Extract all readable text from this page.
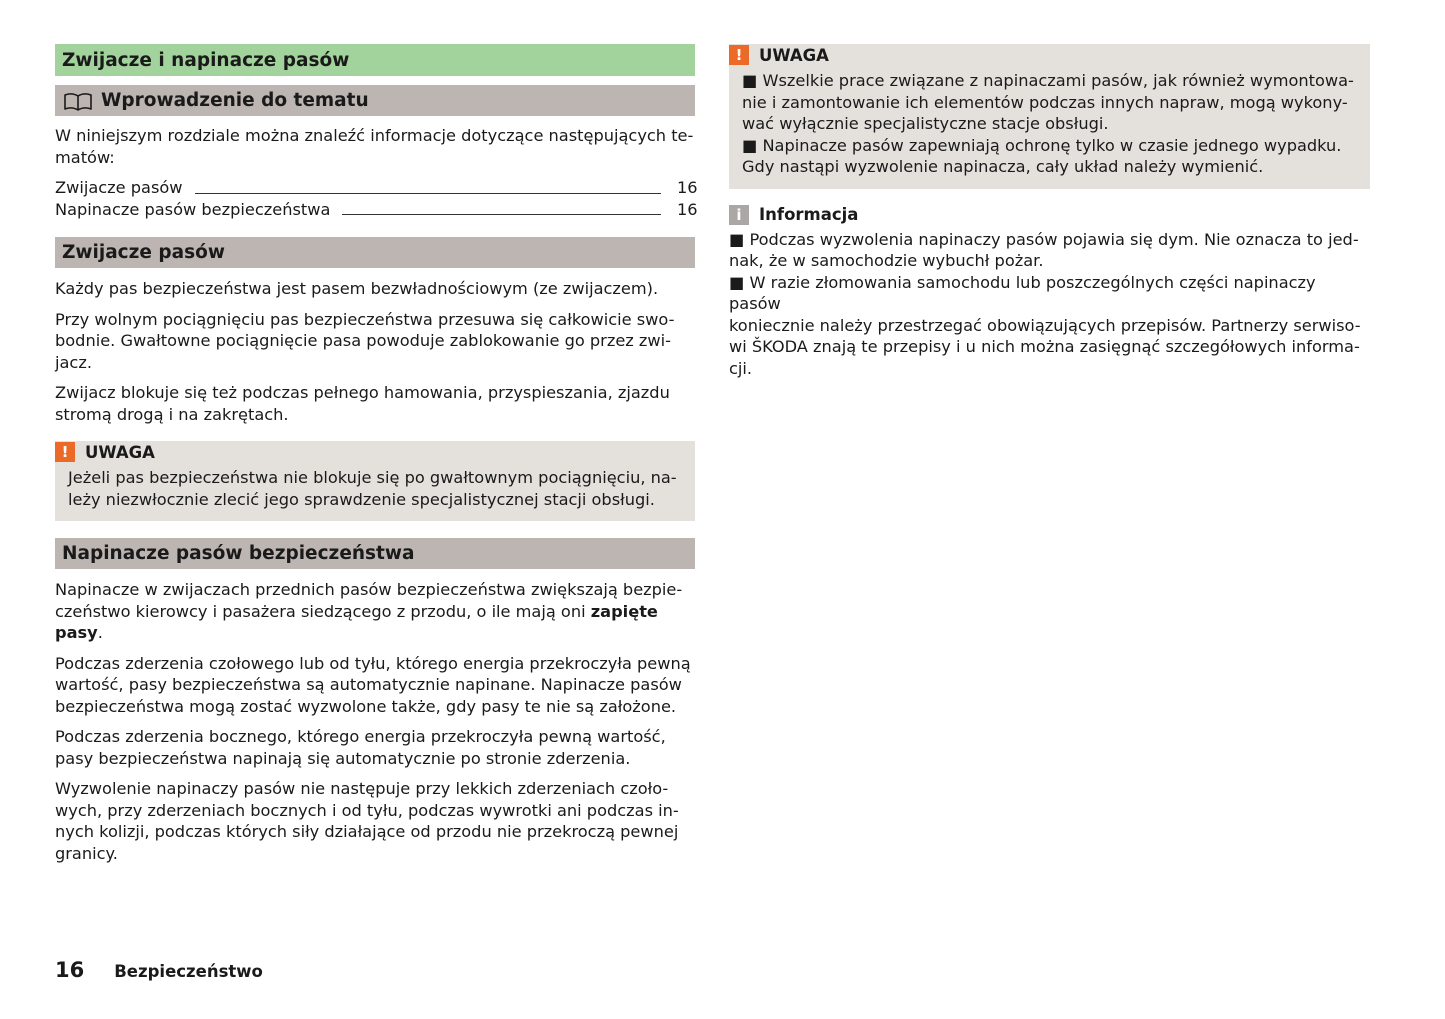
Zwijacze i napinacze pasów
Wprowadzenie do tematu

W niniejszym rozdziale można znaleźć informacje dotyczące następujących te-
matów:

Zwijacze pasów	16
Napinacze pasów bezpieczeństwa	16
Zwijacze pasów

Każdy pas bezpieczeństwa jest pasem bezwładnościowym (ze zwijaczem).

Przy wolnym pociągnięciu pas bezpieczeństwa przesuwa się całkowicie swo-
bodnie. Gwałtowne pociągnięcie pasa powoduje zablokowanie go przez zwi-
jacz.

Zwijacz blokuje się też podczas pełnego hamowania, przyspieszania, zjazdu
stromą drogą i na zakrętach.

!	UWAGA

Jeżeli pas bezpieczeństwa nie blokuje się po gwałtownym pociągnięciu, na-
leży niezwłocznie zlecić jego sprawdzenie specjalistycznej stacji obsługi.

Napinacze pasów bezpieczeństwa

Napinacze w zwijaczach przednich pasów bezpieczeństwa zwiększają bezpie-
czeństwo kierowcy i pasażera siedzącego z przodu, o ile mają oni zapięte pasy.

Podczas zderzenia czołowego lub od tyłu, którego energia przekroczyła pewną
wartość, pasy bezpieczeństwa są automatycznie napinane. Napinacze pasów
bezpieczeństwa mogą zostać wyzwolone także, gdy pasy te nie są założone.

Podczas zderzenia bocznego, którego energia przekroczyła pewną wartość,
pasy bezpieczeństwa napinają się automatycznie po stronie zderzenia.

Wyzwolenie napinaczy pasów nie następuje przy lekkich zderzeniach czoło-
wych, przy zderzeniach bocznych i od tyłu, podczas wywrotki ani podczas in-
nych kolizji, podczas których siły działające od przodu nie przekroczą pewnej
granicy.

!	UWAGA

■ Wszelkie prace związane z napinaczami pasów, jak również wymontowa-
nie i zamontowanie ich elementów podczas innych napraw, mogą wykony-
wać wyłącznie specjalistyczne stacje obsługi.
■ Napinacze pasów zapewniają ochronę tylko w czasie jednego wypadku.
Gdy nastąpi wyzwolenie napinacza, cały układ należy wymienić.

i	Informacja

■ Podczas wyzwolenia napinaczy pasów pojawia się dym. Nie oznacza to jed-
nak, że w samochodzie wybuchł pożar.
■ W razie złomowania samochodu lub poszczególnych części napinaczy pasów
koniecznie należy przestrzegać obowiązujących przepisów. Partnerzy serwiso-
wi ŠKODA znają te przepisy i u nich można zasięgnąć szczegółowych informa-
cji.

16 Bezpieczeństwo
